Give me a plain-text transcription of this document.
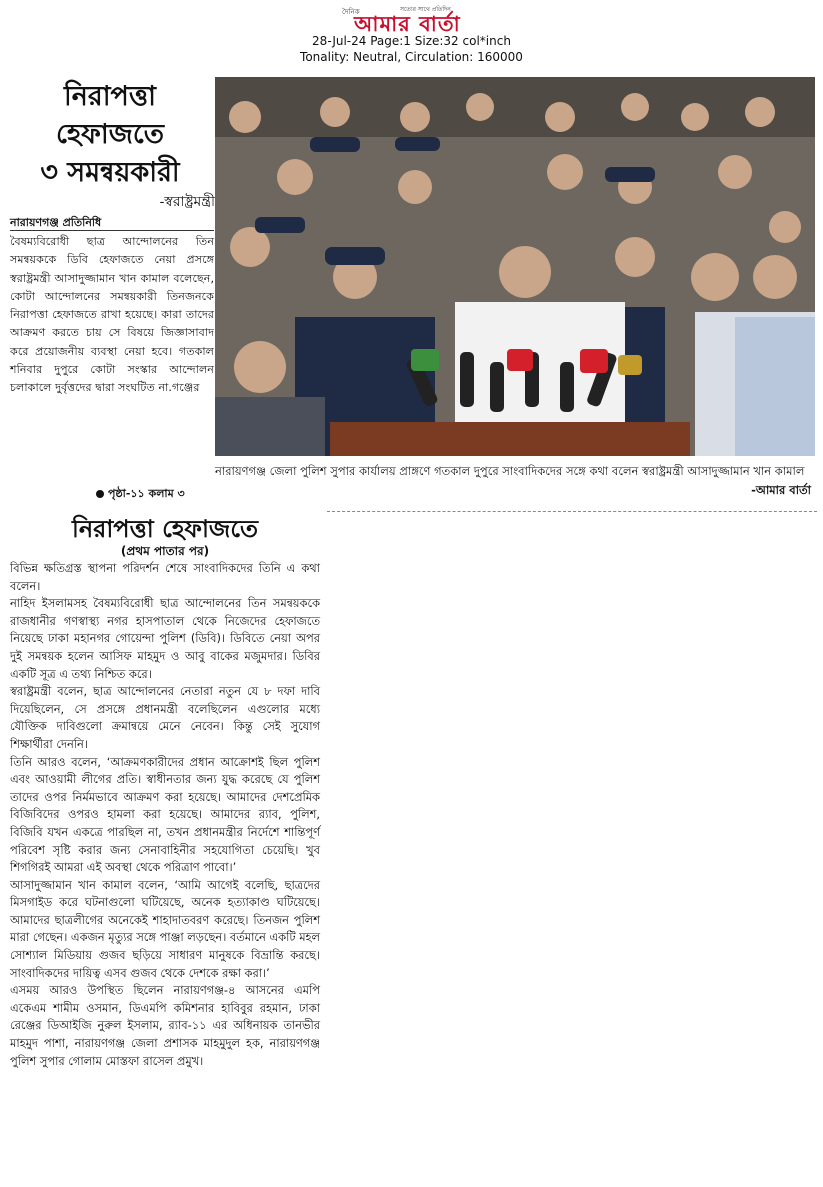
দৈনিক
আমার বার্তা
সত্যের সাথে প্রতিদিন
28-Jul-24 Page:1 Size:32 col*inch
Tonality: Neutral, Circulation: 160000
নিরাপত্তা
হেফাজতে
৩ সমন্বয়কারী
-স্বরাষ্ট্রমন্ত্রী
নারায়ণগঞ্জ প্রতিনিধি
বৈষম্যবিরোধী ছাত্র আন্দোলনের তিন সমন্বয়ককে ডিবি হেফাজতে নেয়া প্রসঙ্গে স্বরাষ্ট্রমন্ত্রী আসাদুজ্জামান খান কামাল বলেছেন, কোটা আন্দোলনের সমন্বয়কারী তিনজনকে নিরাপত্তা হেফাজতে রাখা হয়েছে। কারা তাদের আক্রমণ করতে চায় সে বিষয়ে জিজ্ঞাসাবাদ করে প্রয়োজনীয় ব্যবস্থা নেয়া হবে। গতকাল শনিবার দুপুরে কোটা সংস্কার আন্দোলন চলাকালে দুর্বৃত্তদের দ্বারা সংঘটিত না.গঞ্জের
পৃষ্ঠা-১১ কলাম ৩
নারায়ণগঞ্জ জেলা পুলিশ সুপার কার্যালয় প্রাঙ্গণে গতকাল দুপুরে সাংবাদিকদের সঙ্গে কথা বলেন স্বরাষ্ট্রমন্ত্রী আসাদুজ্জামান খান কামাল
-আমার বার্তা
নিরাপত্তা হেফাজতে
(প্রথম পাতার পর)

বিভিন্ন ক্ষতিগ্রস্ত স্থাপনা পরিদর্শন শেষে সাংবাদিকদের তিনি এ কথা বলেন।

নাহিদ ইসলামসহ বৈষম্যবিরোধী ছাত্র আন্দোলনের তিন সমন্বয়ককে রাজধানীর গণস্বাস্থ্য নগর হাসপাতাল থেকে নিজেদের হেফাজতে নিয়েছে ঢাকা মহানগর গোয়েন্দা পুলিশ (ডিবি)। ডিবিতে নেয়া অপর দুই সমন্বয়ক হলেন আসিফ মাহমুদ ও আবু বাকের মজুমদার। ডিবির একটি সূত্র এ তথ্য নিশ্চিত করে।

স্বরাষ্ট্রমন্ত্রী বলেন, ছাত্র আন্দোলনের নেতারা নতুন যে ৮ দফা দাবি দিয়েছিলেন, সে প্রসঙ্গে প্রধানমন্ত্রী বলেছিলেন এগুলোর মধ্যে যৌক্তিক দাবিগুলো ক্রমান্বয়ে মেনে নেবেন। কিন্তু সেই সুযোগ শিক্ষার্থীরা দেননি।

তিনি আরও বলেন, ‘আক্রমণকারীদের প্রধান আক্রোশই ছিল পুলিশ এবং আওয়ামী লীগের প্রতি। স্বাধীনতার জন্য যুদ্ধ করেছে যে পুলিশ তাদের ওপর নির্মমভাবে আক্রমণ করা হয়েছে। আমাদের দেশপ্রেমিক বিজিবিদের ওপরও হামলা করা হয়েছে। আমাদের র‍্যাব, পুলিশ, বিজিবি যখন একত্রে পারছিল না, তখন প্রধানমন্ত্রীর নির্দেশে শান্তিপূর্ণ পরিবেশ সৃষ্টি করার জন্য সেনাবাহিনীর সহযোগিতা চেয়েছি। খুব শিগগিরই আমরা এই অবস্থা থেকে পরিত্রাণ পাবো।’

আসাদুজ্জামান খান কামাল বলেন, ‘আমি আগেই বলেছি, ছাত্রদের মিসগাইড করে ঘটনাগুলো ঘটিয়েছে, অনেক হত্যাকাণ্ড ঘটিয়েছে। আমাদের ছাত্রলীগের অনেকেই শাহাদাতবরণ করেছে। তিনজন পুলিশ মারা গেছেন। একজন মৃত্যুর সঙ্গে পাঞ্জা লড়ছেন। বর্তমানে একটি মহল সোশ্যাল মিডিয়ায় গুজব ছড়িয়ে সাধারণ মানুষকে বিভ্রান্তি করছে। সাংবাদিকদের দায়িত্ব এসব গুজব থেকে দেশকে রক্ষা করা।’

এসময় আরও উপস্থিত ছিলেন নারায়ণগঞ্জ-৪ আসনের এমপি একেএম শামীম ওসমান, ডিএমপি কমিশনার হাবিবুর রহমান, ঢাকা রেঞ্জের ডিআইজি নুরুল ইসলাম, র‍্যাব-১১ এর অধিনায়ক তানভীর মাহমুদ পাশা, নারায়ণগঞ্জ জেলা প্রশাসক মাহমুদুল হক, নারায়ণগঞ্জ পুলিশ সুপার গোলাম মোস্তফা রাসেল প্রমুখ।
